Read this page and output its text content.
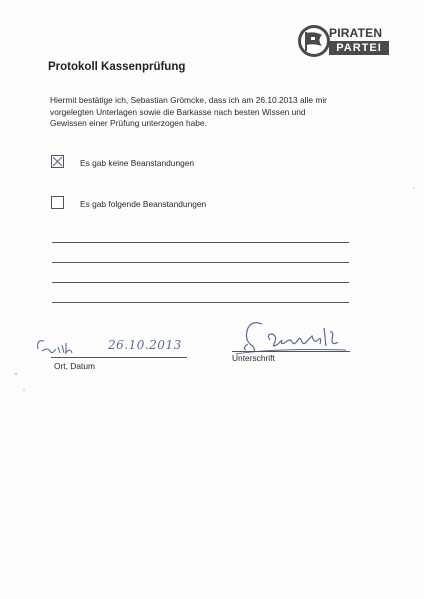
PIRATEN
PARTEI
Protokoll Kassenprüfung
Hiermit bestätige ich, Sebastian Grömcke, dass ich am 26.10.2013 alle mir
vorgelegten Unterlagen sowie die Barkasse nach besten Wissen und
Gewissen einer Prüfung unterzogen habe.
Es gab keine Beanstandungen
Es gab folgende Beanstandungen
26.10.2013
Ort, Datum
Unterschrift
